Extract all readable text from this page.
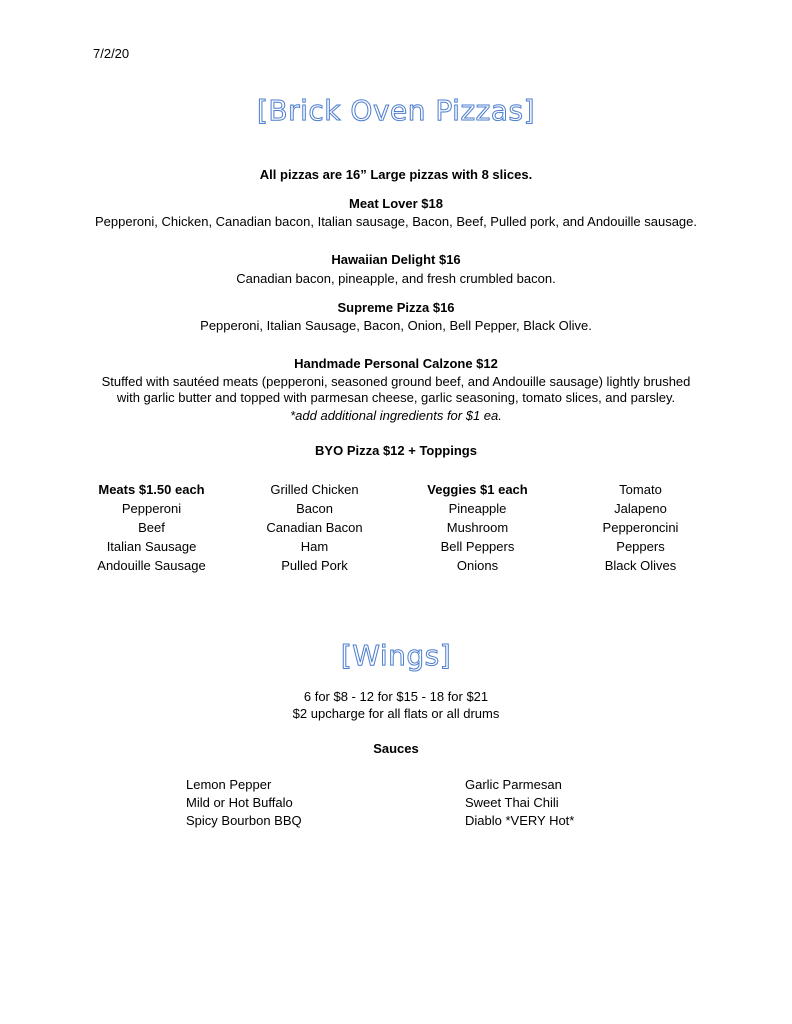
7/2/20
[Brick Oven Pizzas]
All pizzas are 16” Large pizzas with 8 slices.
Meat Lover $18
Pepperoni, Chicken, Canadian bacon, Italian sausage, Bacon, Beef, Pulled pork, and Andouille sausage.
Hawaiian Delight $16
Canadian bacon, pineapple, and fresh crumbled bacon.
Supreme Pizza $16
Pepperoni, Italian Sausage, Bacon, Onion, Bell Pepper, Black Olive.
Handmade Personal Calzone $12
Stuffed with sautéed meats (pepperoni, seasoned ground beef, and Andouille sausage) lightly brushed
with garlic butter and topped with parmesan cheese, garlic seasoning, tomato slices, and parsley.
*add additional ingredients for $1 ea.
BYO Pizza $12 + Toppings
Meats $1.50 each
Pepperoni
Beef
Italian Sausage
Andouille Sausage
Grilled Chicken
Bacon
Canadian Bacon
Ham
Pulled Pork
Veggies $1 each
Pineapple
Mushroom
Bell Peppers
Onions
Tomato
Jalapeno
Pepperoncini
Peppers
Black Olives
[Wings]
6 for $8 - 12 for $15 - 18 for $21
$2 upcharge for all flats or all drums
Sauces
Lemon Pepper
Mild or Hot Buffalo
Spicy Bourbon BBQ
Garlic Parmesan
Sweet Thai Chili
Diablo *VERY Hot*
